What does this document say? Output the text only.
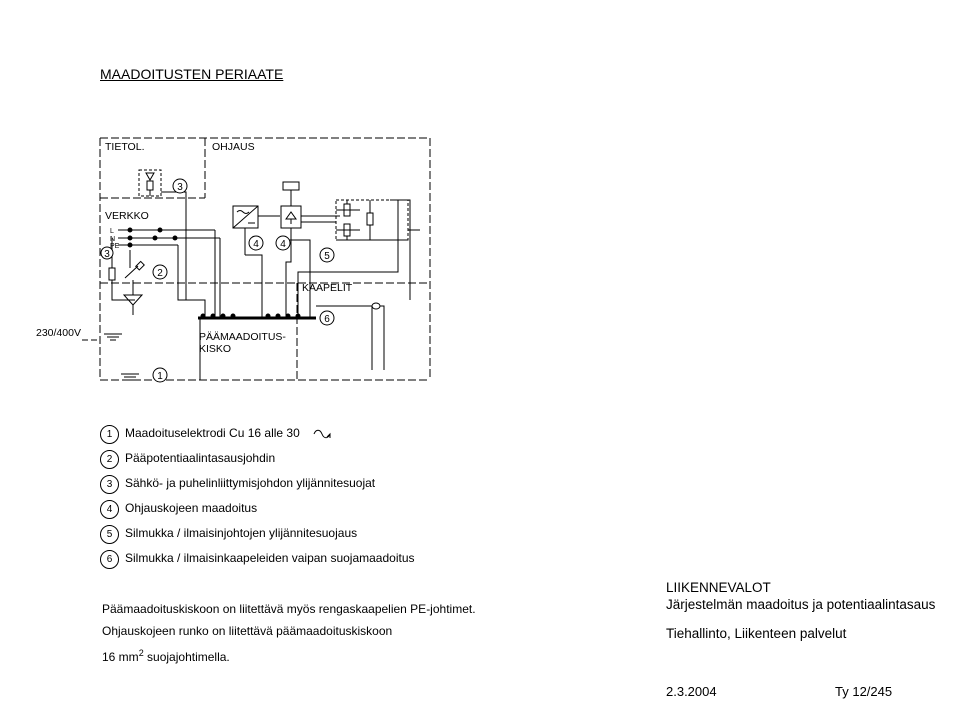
MAADOITUSTEN PERIAATE
3
3
2
4 4
5
6
1
TIETOL.	OHJAUS
VERKKO
KAAPELIT
230/400V	PÄÄMAADOITUS-
KISKO
L
N
PE
1	Maadoituselektrodi Cu 16 alle 30
2	Pääpotentiaalintasausjohdin
3	Sähkö- ja puhelinliittymisjohdon ylijännitesuojat
4	Ohjauskojeen maadoitus
5	Silmukka / ilmaisinjohtojen ylijännitesuojaus
6	Silmukka / ilmaisinkaapeleiden vaipan suojamaadoitus
Päämaadoituskiskoon on liitettävä myös rengaskaapelien PE-johtimet.
Ohjauskojeen runko on liitettävä päämaadoituskiskoon
16 $mm^2$ suojajohtimella.
LIIKENNEVALOT
Järjestelmän maadoitus ja potentiaalintasaus
Tiehallinto, Liikenteen palvelut
2.3.2004	Ty 12/245
